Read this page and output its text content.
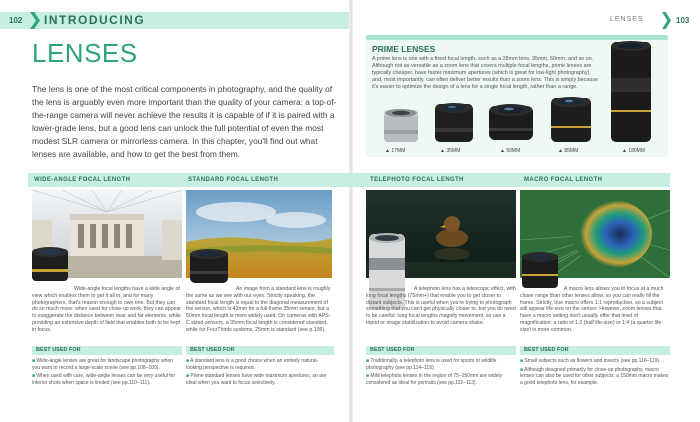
102 INTRODUCING	LENSES	103
LENSES

The lens is one of the most critical components in photography, and the quality of the lens is arguably even more important than the quality of your camera: a top-of-the-range camera will never achieve the results it is capable of if it is paired with a lower-grade lens, but a good lens can unlock the full potential of even the most modest SLR camera or mirrorless camera. In this chapter, you'll find out what lenses are available, and how to get the best from them.

PRIME LENSES

A prime lens is one with a fixed focal length, such as a 28mm lens, 35mm, 50mm, and so on. Although not as versatile as a zoom lens that covers multiple focal lengths, prime lenses are typically cheaper, have faster maximum apertures (which is great for low-light photography), and, most importantly, can often deliver better results than a zoom lens. This is simply because it's easier to optimize the design of a lens for a single focal length, rather than a range.

▲ 17MM	▲ 35MM	▲ 50MM	▲ 85MM	▲ 180MM
WIDE-ANGLE FOCAL LENGTH	STANDARD FOCAL LENGTH	TELEPHOTO FOCAL LENGTH	MACRO FOCAL LENGTH

Wide-angle focal lengths have a wide angle of view which enables them to get it all in, and for many photographers, that's reason enough to own one. But they can do so much more: when used for close-up work, they can appear to exaggerate the distance between near and far elements, while providing an extensive depth of field that enables both to be kept in focus.

An image from a standard lens is roughly the same as we see with our eyes. Strictly speaking, the standard focal length is equal to the diagonal measurement of the sensor, which is 43mm for a full-frame 35mm sensor, but a 50mm focal length is more widely used. On cameras with APS-C sized sensors, a 35mm focal length is considered standard, while for FourThirds systems, 25mm is standard (see p.106).

A telephoto lens has a telescopic effect, with long focal lengths (75mm+) that enable you to get closer to distant subjects. This is useful when you're trying to photograph something that you can't get physically closer to, but you do need to be careful: long focal lengths magnify movement, so use a tripod or image stabilization to avoid camera shake.

A macro lens allows you to focus at a much closer range than other lenses allow, so you can really fill the frame. Strictly, true macro offers 1:1 reproduction, so a subject will appear life-size on the sensor. However, zoom lenses that have a macro setting don't usually offer that level of magnification: a ratio of 1:2 (half life-size) or 1:4 (a quarter life-size) is more common.

BEST USED FOR	BEST USED FOR	BEST USED FOR	BEST USED FOR

■ Wide-angle lenses are great for landscape photography when you want to record a large-scale scene (see pp.108–109).

■ When used with care, wide-angle lenses can be very useful for interior shots when space is limited (see pp.110–111).

■ A standard lens is a good choice when an entirely natural-looking perspective is required.

■ Prime standard lenses have wide maximum apertures, so are ideal when you want to focus selectively.

■ Traditionally, a telephoto lens is used for sports or wildlife photography (see pp.114–115).

■ Mild telephoto lenses in the region of 75–150mm are widely considered as ideal for portraits (see pp.112–113).

■ Small subjects such as flowers and insects (see pp.116–119).

■ Although designed primarily for close-up photography, macro lenses can also be used for other subjects: a 150mm macro makes a good telephoto lens, for example.
